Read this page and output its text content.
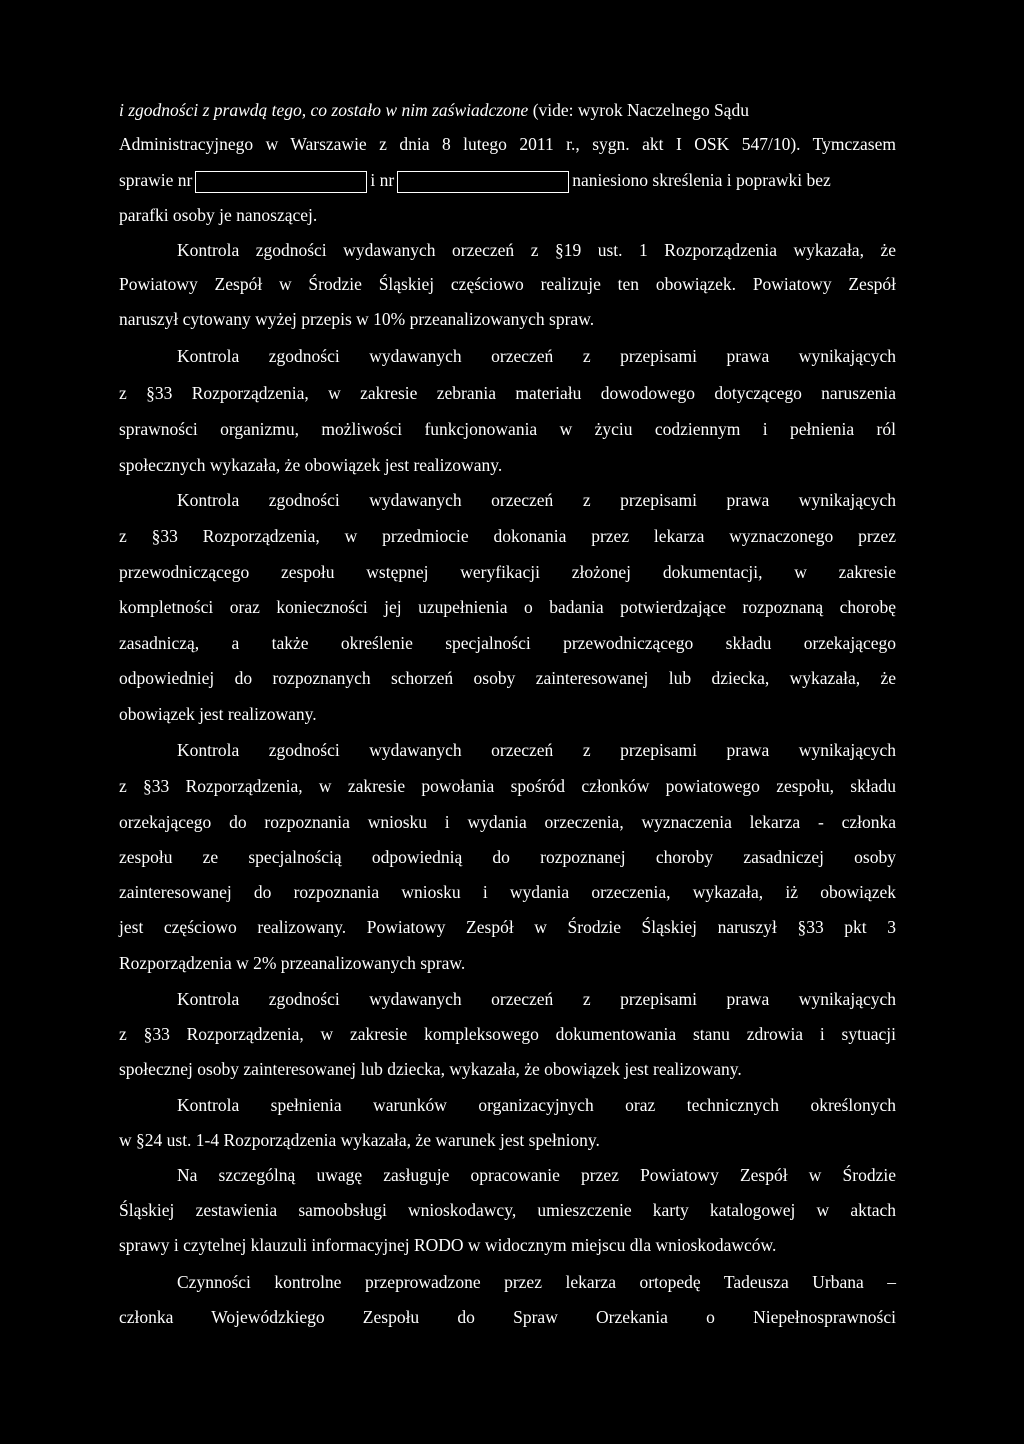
i zgodności z prawdą tego, co zostało w nim zaświadczone (vide: wyrok Naczelnego Sądu
Administracyjnego w Warszawie z dnia 8 lutego 2011 r., sygn. akt I OSK 547/10). Tymczasem
sprawie nr	i nr	naniesiono skreślenia i poprawki bez
parafki osoby je nanoszącej.
Kontrola zgodności wydawanych orzeczeń z §19 ust. 1 Rozporządzenia wykazała, że
Powiatowy Zespół w Środzie Śląskiej częściowo realizuje ten obowiązek. Powiatowy Zespół
naruszył cytowany wyżej przepis w 10% przeanalizowanych spraw.
Kontrola zgodności wydawanych orzeczeń z przepisami prawa wynikających
z §33 Rozporządzenia, w zakresie zebrania materiału dowodowego dotyczącego naruszenia
sprawności organizmu, możliwości funkcjonowania w życiu codziennym i pełnienia ról
społecznych wykazała, że obowiązek jest realizowany.
Kontrola zgodności wydawanych orzeczeń z przepisami prawa wynikających
z §33 Rozporządzenia, w przedmiocie dokonania przez lekarza wyznaczonego przez
przewodniczącego zespołu wstępnej weryfikacji złożonej dokumentacji, w zakresie
kompletności oraz konieczności jej uzupełnienia o badania potwierdzające rozpoznaną chorobę
zasadniczą, a także określenie specjalności przewodniczącego składu orzekającego
odpowiedniej do rozpoznanych schorzeń osoby zainteresowanej lub dziecka, wykazała, że
obowiązek jest realizowany.
Kontrola zgodności wydawanych orzeczeń z przepisami prawa wynikających
z §33 Rozporządzenia, w zakresie powołania spośród członków powiatowego zespołu, składu
orzekającego do rozpoznania wniosku i wydania orzeczenia, wyznaczenia lekarza - członka
zespołu ze specjalnością odpowiednią do rozpoznanej choroby zasadniczej osoby
zainteresowanej do rozpoznania wniosku i wydania orzeczenia, wykazała, iż obowiązek
jest częściowo realizowany. Powiatowy Zespół w Środzie Śląskiej naruszył §33 pkt 3
Rozporządzenia w 2% przeanalizowanych spraw.
Kontrola zgodności wydawanych orzeczeń z przepisami prawa wynikających
z §33 Rozporządzenia, w zakresie kompleksowego dokumentowania stanu zdrowia i sytuacji
społecznej osoby zainteresowanej lub dziecka, wykazała, że obowiązek jest realizowany.
Kontrola spełnienia warunków organizacyjnych oraz technicznych określonych
w §24 ust. 1-4 Rozporządzenia wykazała, że warunek jest spełniony.
Na szczególną uwagę zasługuje opracowanie przez Powiatowy Zespół w Środzie
Śląskiej zestawienia samoobsługi wnioskodawcy, umieszczenie karty katalogowej w aktach
sprawy i czytelnej klauzuli informacyjnej RODO w widocznym miejscu dla wnioskodawców.
Czynności kontrolne przeprowadzone przez lekarza ortopedę Tadeusza Urbana –
członka Wojewódzkiego Zespołu do Spraw Orzekania o Niepełnosprawności
